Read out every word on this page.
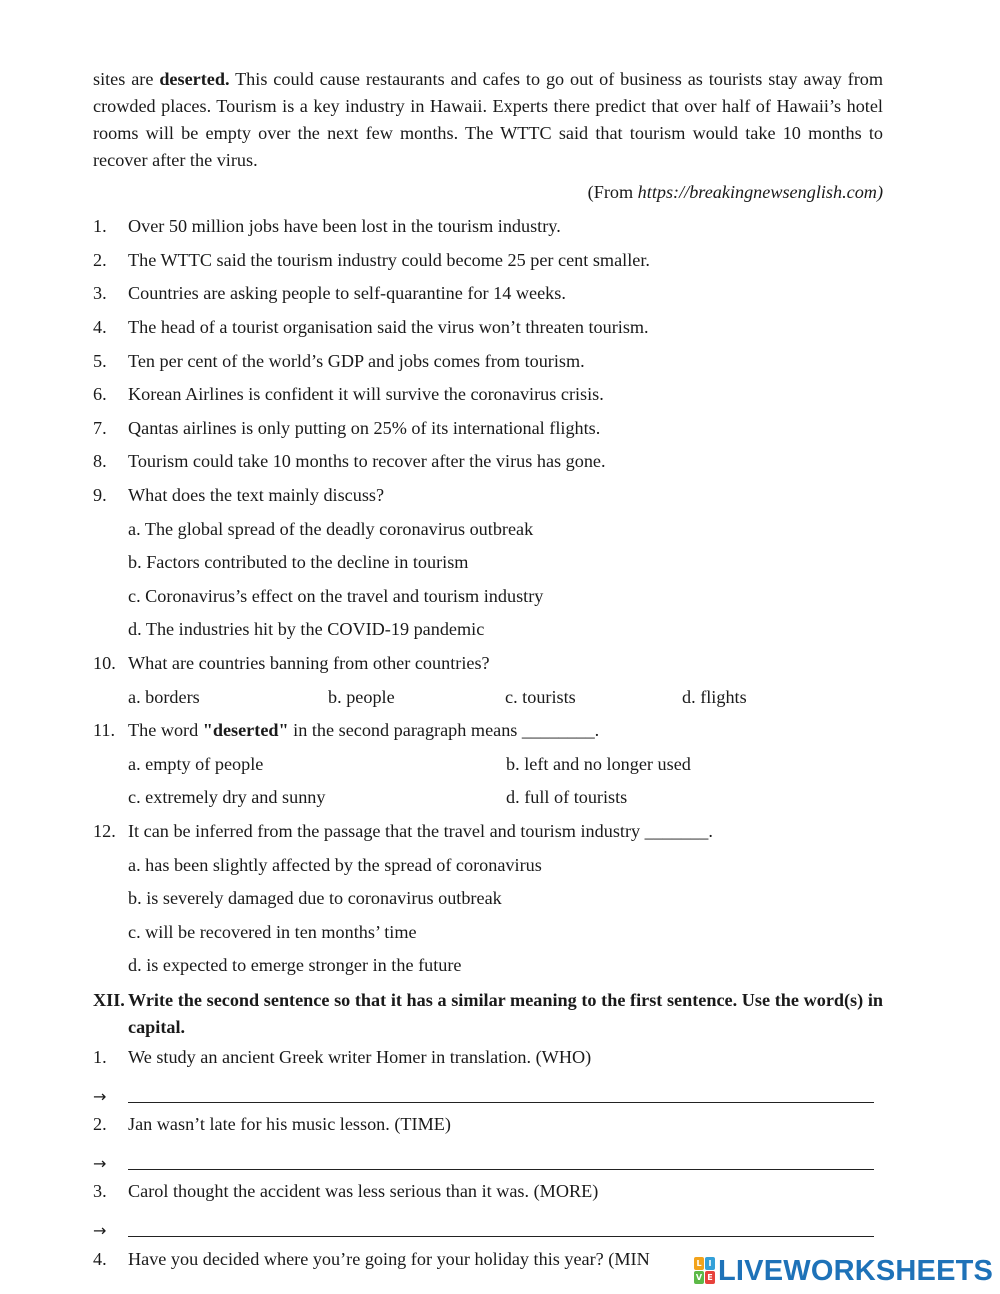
sites are deserted. This could cause restaurants and cafes to go out of business as tourists stay away from crowded places. Tourism is a key industry in Hawaii. Experts there predict that over half of Hawaii’s hotel rooms will be empty over the next few months. The WTTC said that tourism would take 10 months to recover after the virus.

(From https://breakingnewsenglish.com)
1.	Over 50 million jobs have been lost in the tourism industry.
2.	The WTTC said the tourism industry could become 25 per cent smaller.
3.	Countries are asking people to self-quarantine for 14 weeks.
4.	The head of a tourist organisation said the virus won’t threaten tourism.
5.	Ten per cent of the world’s GDP and jobs comes from tourism.
6.	Korean Airlines is confident it will survive the coronavirus crisis.
7.	Qantas airlines is only putting on 25% of its international flights.
8.	Tourism could take 10 months to recover after the virus has gone.
9.	What does the text mainly discuss?
a. The global spread of the deadly coronavirus outbreak
b. Factors contributed to the decline in tourism
c. Coronavirus’s effect on the travel and tourism industry
d. The industries hit by the COVID-19 pandemic
10. What are countries banning from other countries?
a. borders	b. people	c. tourists	d. flights
11. The word "deserted" in the second paragraph means ________.
a. empty of people	b. left and no longer used
c. extremely dry and sunny	d. full of tourists
12. It can be inferred from the passage that the travel and tourism industry _______.
a. has been slightly affected by the spread of coronavirus
b. is severely damaged due to coronavirus outbreak
c. will be recovered in ten months’ time
d. is expected to emerge stronger in the future
XII. Write the second sentence so that it has a similar meaning to the first sentence. Use the word(s) in capital.
1.	We study an ancient Greek writer Homer in translation. (WHO)
→
2.	Jan wasn’t late for his music lesson. (TIME)
→
3.	Carol thought the accident was less serious than it was. (MORE)
→
4.	Have you decided where you’re going for your holiday this year? (MIN	L I
V E LIVEWORKSHEETS
